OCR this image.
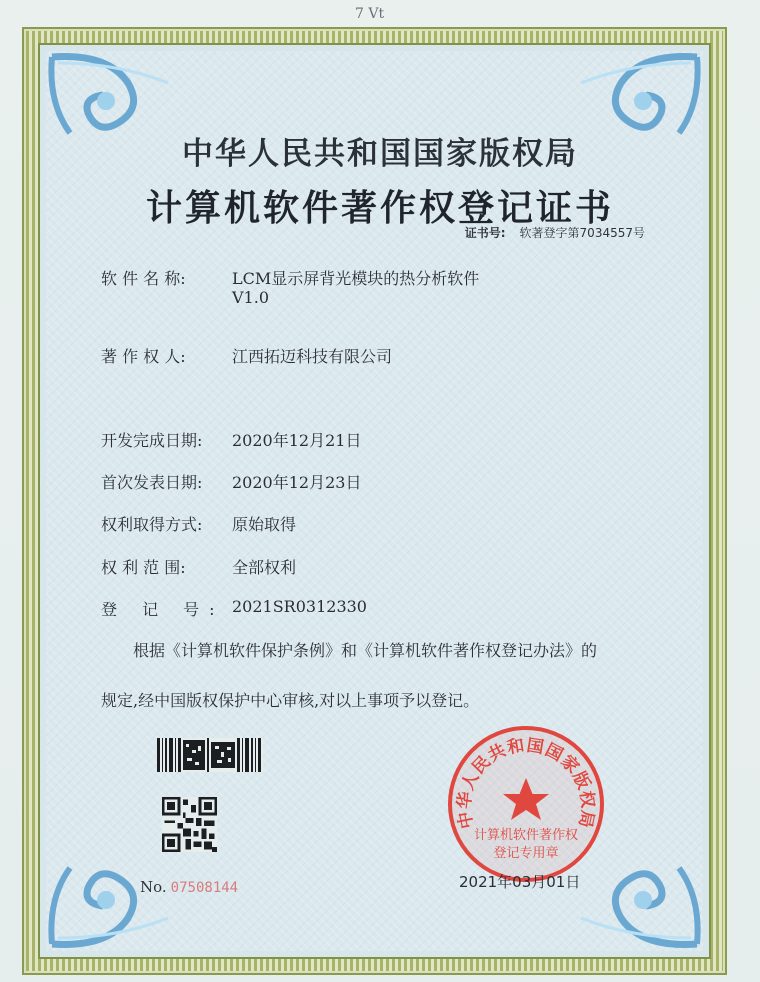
7 Vt
中华人民共和国国家版权局
计算机软件著作权登记证书
证书号: 软著登字第7034557号
软 件 名 称:	LCM显示屏背光模块的热分析软件
V1.0
著 作 权 人:	江西拓迈科技有限公司
开发完成日期:	2020年12月21日
首次发表日期:	2020年12月23日
权利取得方式:	原始取得
权 利 范 围:	全部权利
登 记 号: 2021SR0312330
根据《计算机软件保护条例》和《计算机软件著作权登记办法》的
规定,经中国版权保护中心审核,对以上事项予以登记。
No. 07508144
中华人民共和国国家版权局
计算机软件著作权
登记专用章
2021年03月01日
